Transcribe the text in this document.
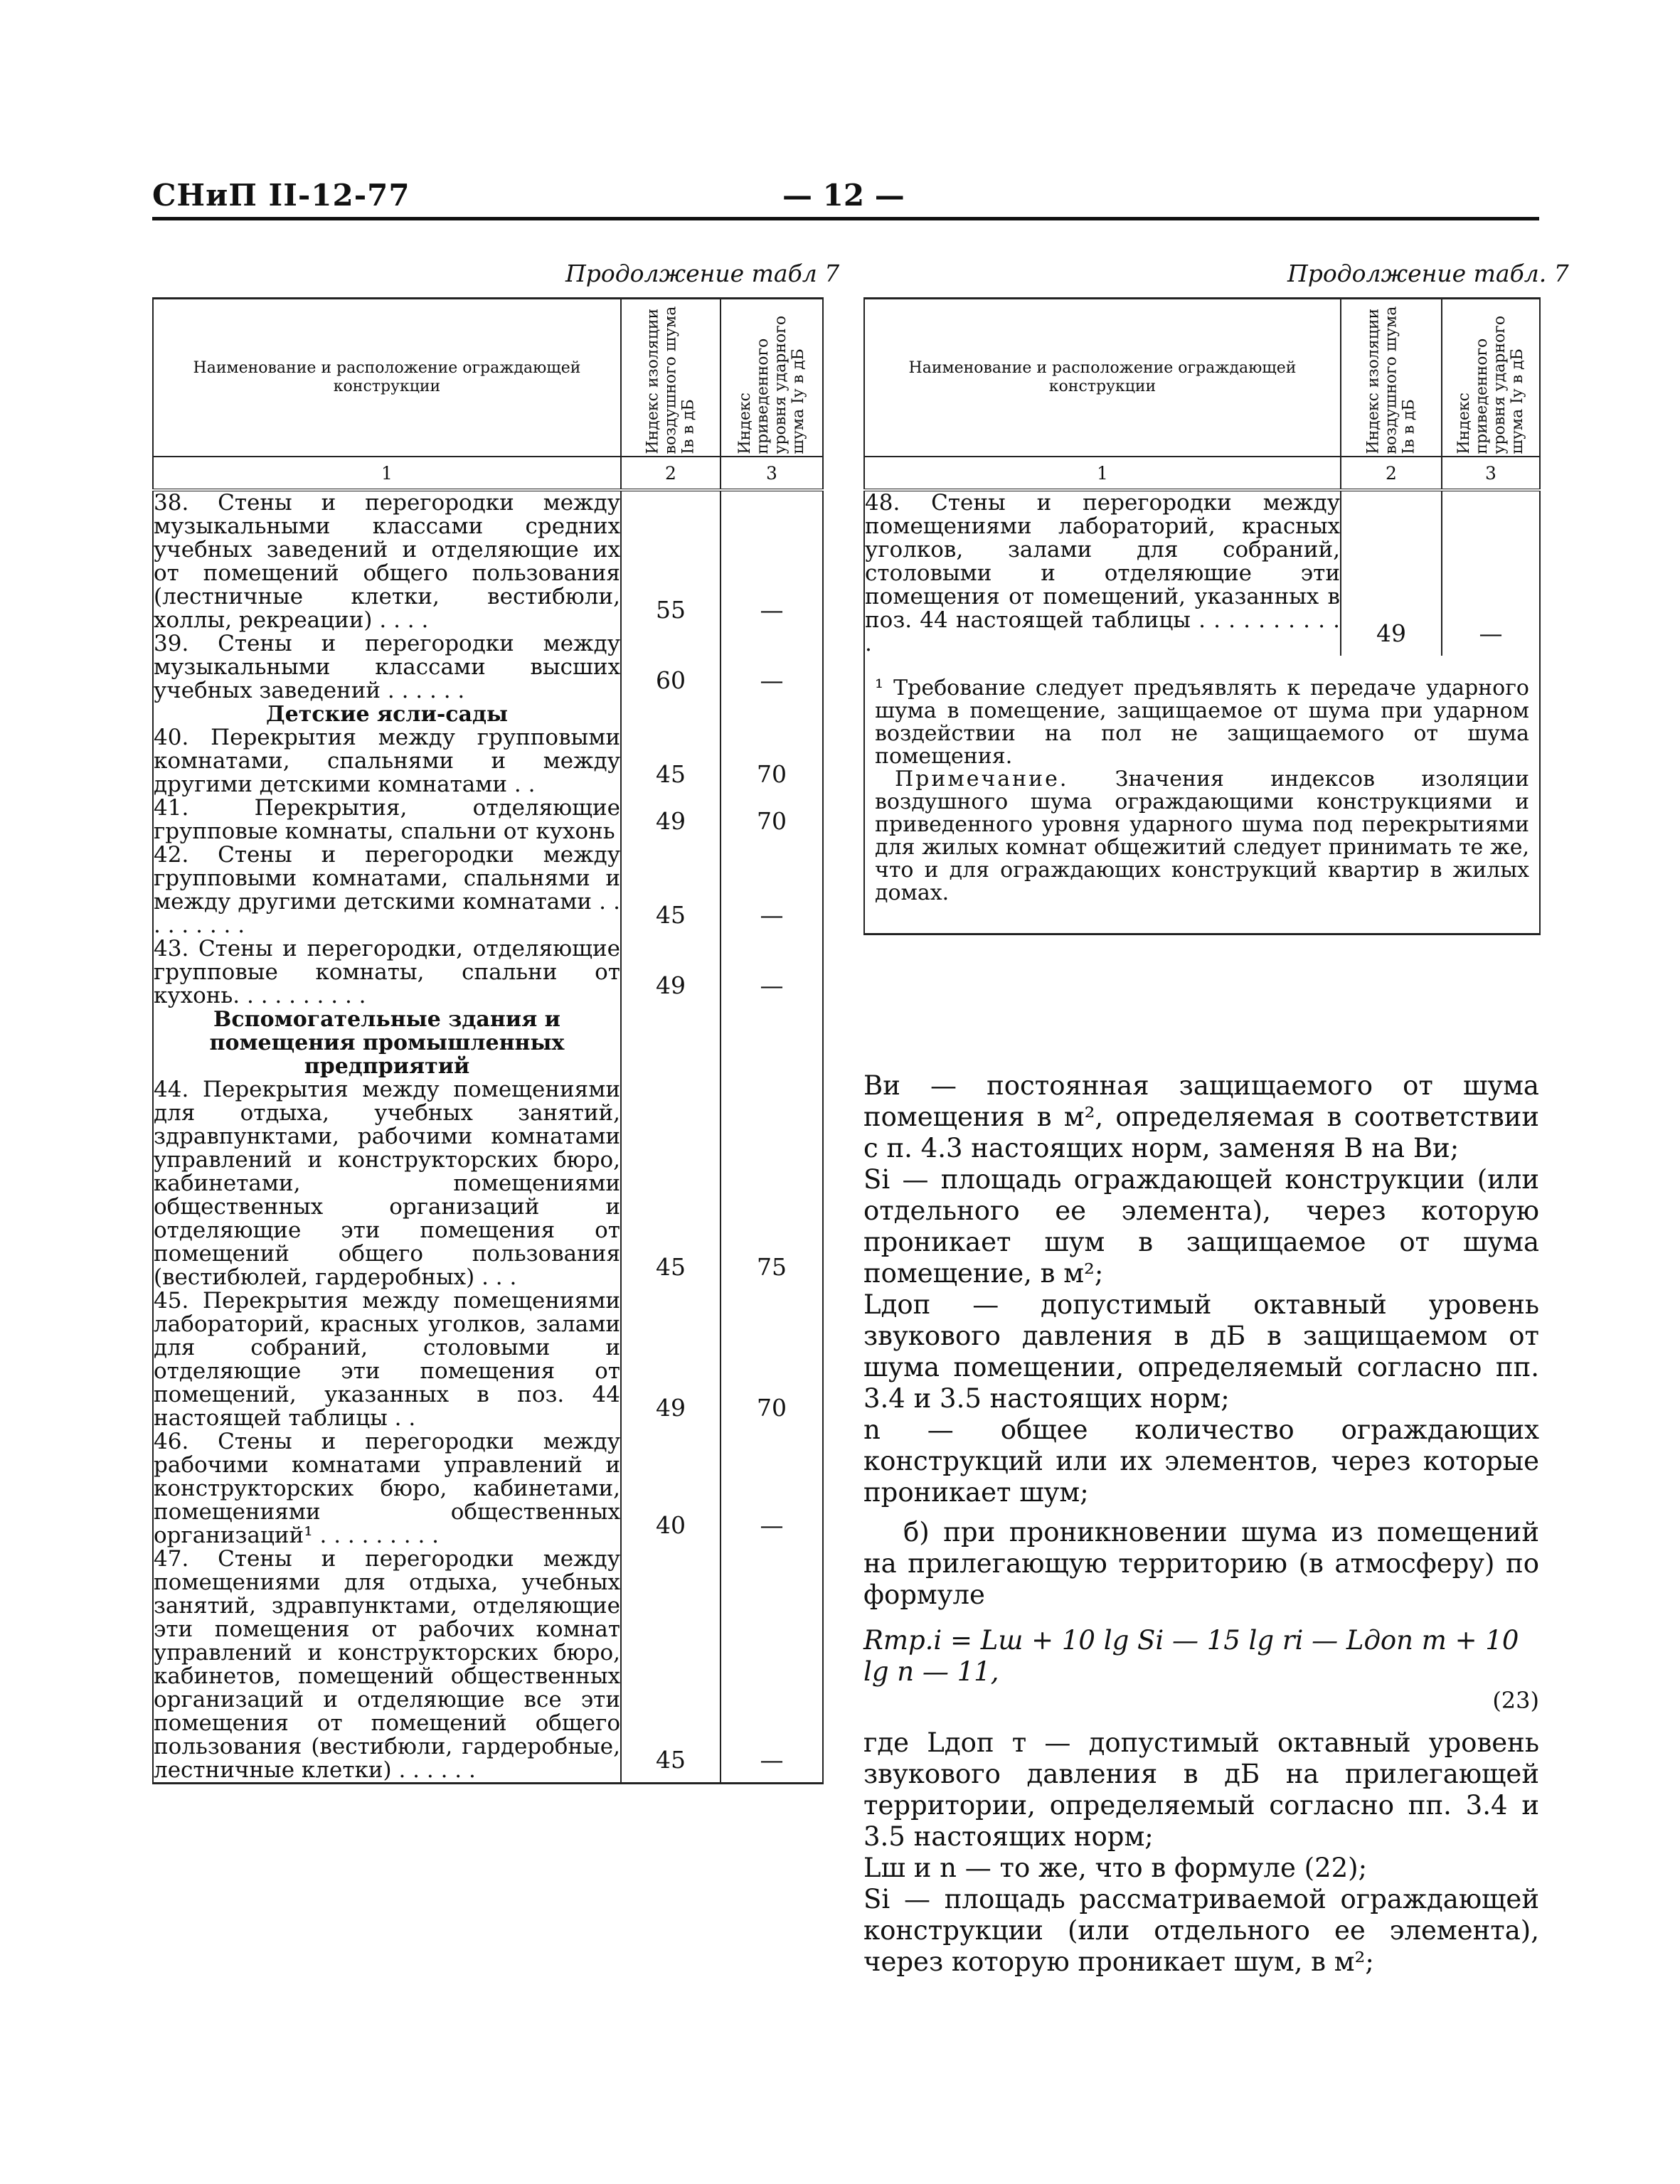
СНиП II-12-77	— 12 —
Продолжение табл 7
Наименование и расположение ограждающей конструкции	Индекс изоляции воздушного шума Iв в дБ	Индекс приведенного уровня ударного шума Iу в дБ

1	2	3
38. Стены и перегородки между музыкальными классами средних учебных заведений и отделяющие их от помещений общего пользования (лестничные клетки, вестибюли, холлы, рекреации) . . . .	55	—

39. Стены и перегородки между музыкальными классами высших учебных заведений . . . . . .	60	—

Детские ясли-сады		
40. Перекрытия между групповыми комнатами, спальнями и между другими детскими комнатами . .	45	70

41. Перекрытия, отделяющие групповые комнаты, спальни от кухонь	49	70

42. Стены и перегородки между групповыми комнатами, спальнями и между другими детскими комнатами . . . . . . . . .	45	—

43. Стены и перегородки, отделяющие групповые комнаты, спальни от кухонь. . . . . . . . . .	49	—

Вспомогательные здания и помещения промышленных предприятий		
44. Перекрытия между помещениями для отдыха, учебных занятий, здравпунктами, рабочими комнатами управлений и конструкторских бюро, кабинетами, помещениями общественных организаций и отделяющие эти помещения от помещений общего пользования (вестибюлей, гардеробных) . . .	45	75

45. Перекрытия между помещениями лабораторий, красных уголков, залами для собраний, столовыми и отделяющие эти помещения от помещений, указанных в поз. 44 настоящей таблицы . .	49	70

46. Стены и перегородки между рабочими комнатами управлений и конструкторских бюро, кабинетами, помещениями общественных организаций¹ . . . . . . . . .	40	—

47. Стены и перегородки между помещениями для отдыха, учебных занятий, здравпунктами, отделяющие эти помещения от рабочих комнат управлений и конструкторских бюро, кабинетов, помещений общественных организаций и отделяющие все эти помещения от помещений общего пользования (вестибюли, гардеробные, лестничные клетки) . . . . . .	45	—
Продолжение табл. 7
Наименование и расположение ограждающей конструкции	Индекс изоляции воздушного шума Iв в дБ	Индекс приведенного уровня ударного шума Iу в дБ

1	2	3
48. Стены и перегородки между помещениями лабораторий, красных уголков, залами для собраний, столовыми и отделяющие эти помещения от помещений, указанных в поз. 44 настоящей таблицы . . . . . . . . . . .	49	—

¹ Требование следует предъявлять к передаче ударного шума в помещение, защищаемое от шума при ударном воздействии на пол не защищаемого от шума помещения.

Примечание. Значения индексов изоляции воздушного шума ограждающими конструкциями и приведенного уровня ударного шума под перекрытиями для жилых комнат общежитий следует принимать те же, что и для ограждающих конструкций квартир в жилых домах.		

Bи — постоянная защищаемого от шума помещения в м², определяемая в соответствии с п. 4.3 настоящих норм, заменяя B на Bи;

Si — площадь ограждающей конструкции (или отдельного ее элемента), через которую проникает шум в защищаемое от шума помещение, в м²;

Lдоп — допустимый октавный уровень звукового давления в дБ в защищаемом от шума помещении, определяемый согласно пп. 3.4 и 3.5 настоящих норм;

n — общее количество ограждающих конструкций или их элементов, через которые проникает шум;

б) при проникновении шума из помещений на прилегающую территорию (в атмосферу) по формуле

Rтр.i = Lш + 10 lg Si — 15 lg ri — Lдоп т + 10 lg n — 11,

(23)

где Lдоп т — допустимый октавный уровень звукового давления в дБ на прилегающей территории, определяемый согласно пп. 3.4 и 3.5 настоящих норм;

Lш и n — то же, что в формуле (22);

Si — площадь рассматриваемой ограждающей конструкции (или отдельного ее элемента), через которую проникает шум, в м²;
